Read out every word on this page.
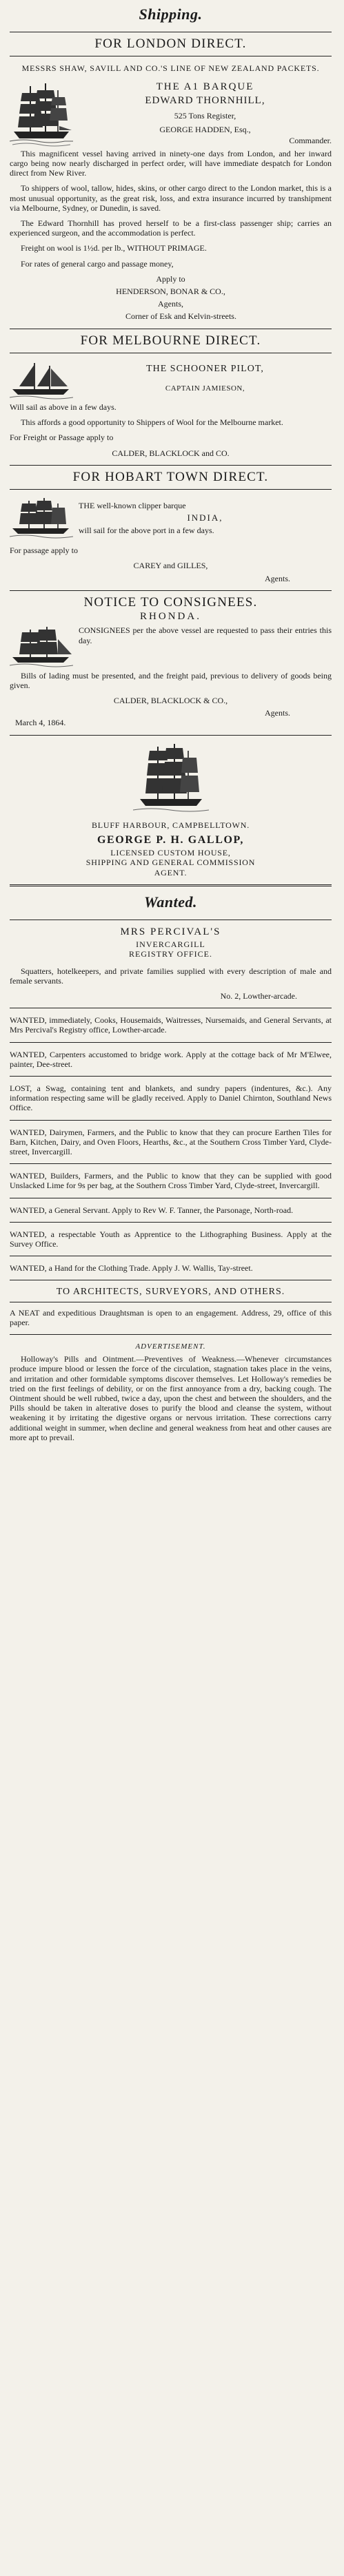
Shipping.
FOR LONDON DIRECT.
MESSRS SHAW, SAVILL AND CO.'S LINE OF NEW ZEALAND PACKETS.
THE A1 BARQUE
EDWARD THORNHILL,
525 Tons Register,
GEORGE HADDEN, Esq.,
Commander.

This magnificent vessel having arrived in ninety-one days from London, and her inward cargo being now nearly discharged in perfect order, will have immediate despatch for London direct from New River.

To shippers of wool, tallow, hides, skins, or other cargo direct to the London market, this is a most unusual opportunity, as the great risk, loss, and extra insurance incurred by transhipment via Melbourne, Sydney, or Dunedin, is saved.

The Edward Thornhill has proved herself to be a first-class passenger ship; carries an experienced surgeon, and the accommodation is perfect.

Freight on wool is 1½d. per lb., WITHOUT PRIMAGE.

For rates of general cargo and passage money,

Apply to
HENDERSON, BONAR & CO.,
Agents,
Corner of Esk and Kelvin-streets.
FOR MELBOURNE DIRECT.
THE SCHOONER PILOT,
CAPTAIN JAMIESON,

Will sail as above in a few days.

This affords a good opportunity to Shippers of Wool for the Melbourne market.

For Freight or Passage apply to

CALDER, BLACKLOCK and CO.
FOR HOBART TOWN DIRECT.
THE well-known clipper barque
INDIA,
will sail for the above port in a few days.

For passage apply to

CAREY and GILLES,
Agents.
NOTICE TO CONSIGNEES.
RHONDA.
CONSIGNEES per the above vessel are requested to pass their entries this day.

Bills of lading must be presented, and the freight paid, previous to delivery of goods being given.

CALDER, BLACKLOCK & CO.,
Agents.
March 4, 1864.
BLUFF HARBOUR, CAMPBELLTOWN.
GEORGE P. H. GALLOP,
LICENSED CUSTOM HOUSE,
SHIPPING AND GENERAL COMMISSION
AGENT.
Wanted.
MRS PERCIVAL'S
INVERCARGILL
REGISTRY OFFICE.

Squatters, hotelkeepers, and private families supplied with every description of male and female servants.

No. 2, Lowther-arcade.

WANTED, immediately, Cooks, Housemaids, Waitresses, Nursemaids, and General Servants, at Mrs Percival's Registry office, Lowther-arcade.

WANTED, Carpenters accustomed to bridge work. Apply at the cottage back of Mr M'Elwee, painter, Dee-street.

LOST, a Swag, containing tent and blankets, and sundry papers (indentures, &c.). Any information respecting same will be gladly received. Apply to Daniel Chirnton, Southland News Office.

WANTED, Dairymen, Farmers, and the Public to know that they can procure Earthen Tiles for Barn, Kitchen, Dairy, and Oven Floors, Hearths, &c., at the Southern Cross Timber Yard, Clyde-street, Invercargill.

WANTED, Builders, Farmers, and the Public to know that they can be supplied with good Unslacked Lime for 9s per bag, at the Southern Cross Timber Yard, Clyde-street, Invercargill.

WANTED, a General Servant. Apply to Rev W. F. Tanner, the Parsonage, North-road.

WANTED, a respectable Youth as Apprentice to the Lithographing Business. Apply at the Survey Office.

WANTED, a Hand for the Clothing Trade. Apply J. W. Wallis, Tay-street.

TO ARCHITECTS, SURVEYORS, AND OTHERS.

A NEAT and expeditious Draughtsman is open to an engagement. Address, 29, office of this paper.

ADVERTISEMENT.

Holloway's Pills and Ointment.—Preventives of Weakness.—Whenever circumstances produce impure blood or lessen the force of the circulation, stagnation takes place in the veins, and irritation and other formidable symptoms discover themselves. Let Holloway's remedies be tried on the first feelings of debility, or on the first annoyance from a dry, backing cough. The Ointment should be well rubbed, twice a day, upon the chest and between the shoulders, and the Pills should be taken in alterative doses to purify the blood and cleanse the system, without weakening it by irritating the digestive organs or nervous irritation. These corrections carry additional weight in summer, when decline and general weakness from heat and other causes are more apt to prevail.
